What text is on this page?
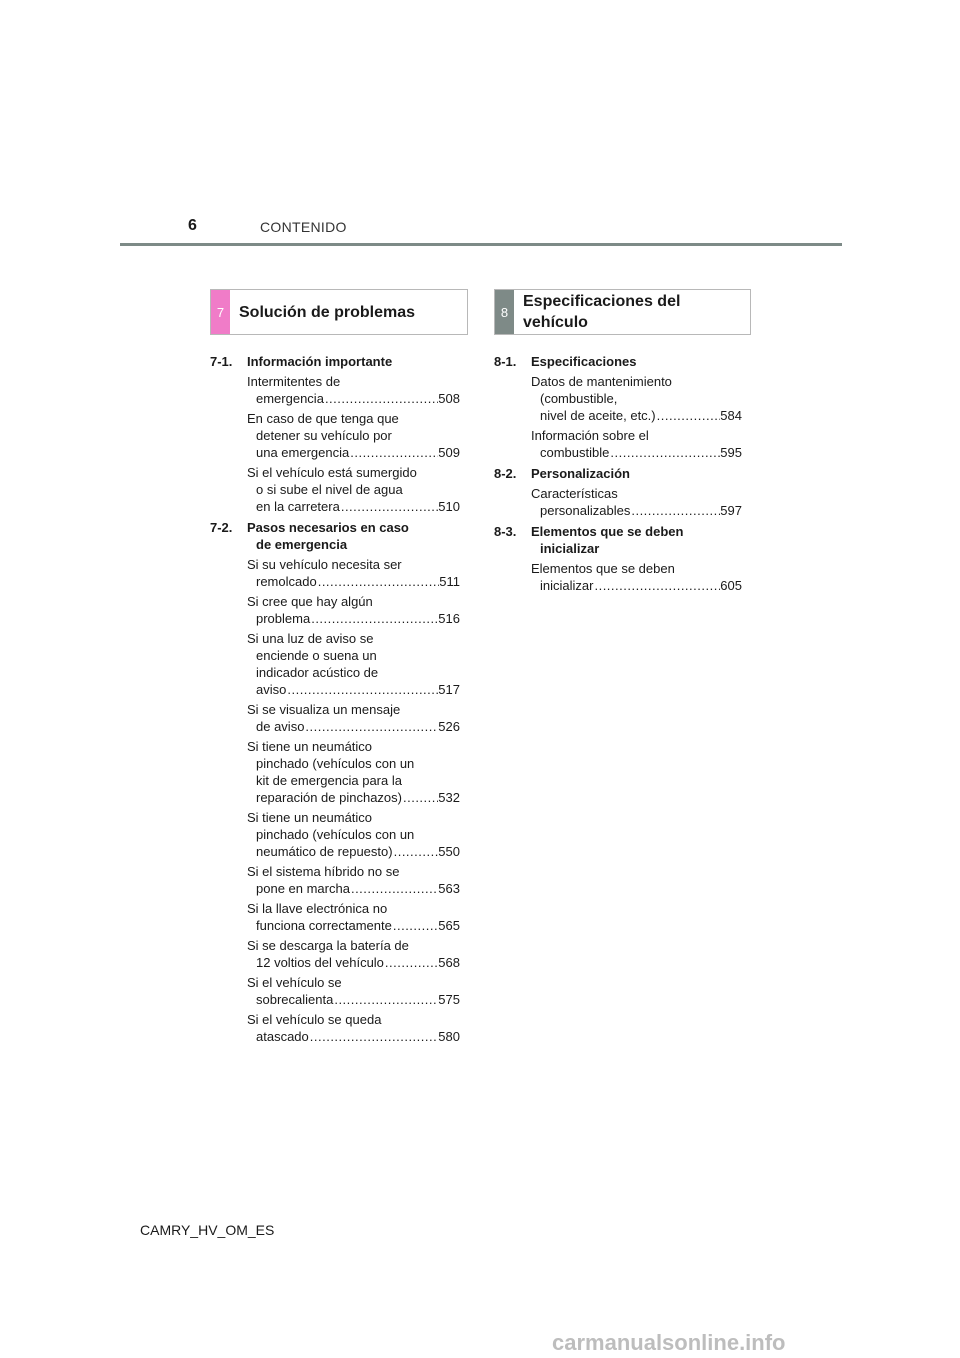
6	CONTENIDO
7 Solución de problemas	8
Especificaciones del vehículo
7-1.	Información importante
Intermitentes de
emergencia .....	508
En caso de que tenga que
detener su vehículo por
una emergencia .....	509
Si el vehículo está sumergido
o si sube el nivel de agua
en la carretera .....	510
7-2.	Pasos necesarios en caso
de emergencia
Si su vehículo necesita ser
remolcado .....	511
Si cree que hay algún
problema .....	516
Si una luz de aviso se
enciende o suena un
indicador acústico de
aviso .....	517
Si se visualiza un mensaje
de aviso .....	526
Si tiene un neumático
pinchado (vehículos con un
kit de emergencia para la
reparación de pinchazos) .....	532
Si tiene un neumático
pinchado (vehículos con un
neumático de repuesto) .....	550
Si el sistema híbrido no se
pone en marcha .....	563
Si la llave electrónica no
funciona correctamente .....	565
Si se descarga la batería de
12 voltios del vehículo .....	568
Si el vehículo se
sobrecalienta .....	575
Si el vehículo se queda
atascado .....	580
8-1.	Especificaciones
Datos de mantenimiento
(combustible,
nivel de aceite, etc.) .....	584
Información sobre el
combustible .....	595
8-2.	Personalización
Características
personalizables .....	597
8-3.	Elementos que se deben
inicializar
Elementos que se deben
inicializar .....	605
CAMRY_HV_OM_ES
carmanualsonline.info
